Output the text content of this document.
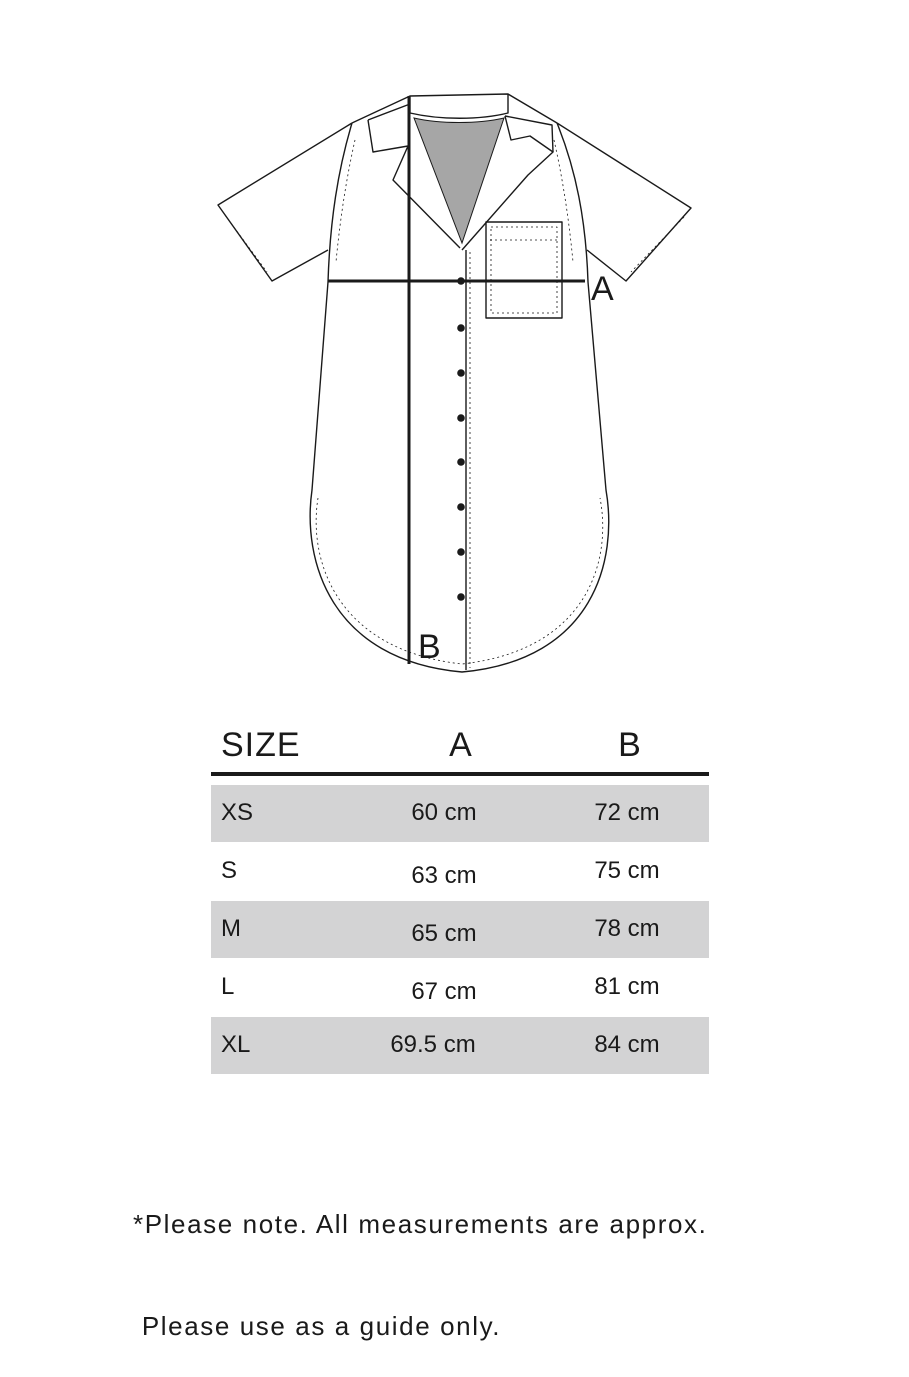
A
B
SIZE	A	B
XS	60 cm	72 cm
S	63 cm	75 cm
M	65 cm	78 cm
L	67 cm	81 cm
XL	69.5 cm	84 cm

*Please note. All measurements are approx.

Please use as a guide only.
